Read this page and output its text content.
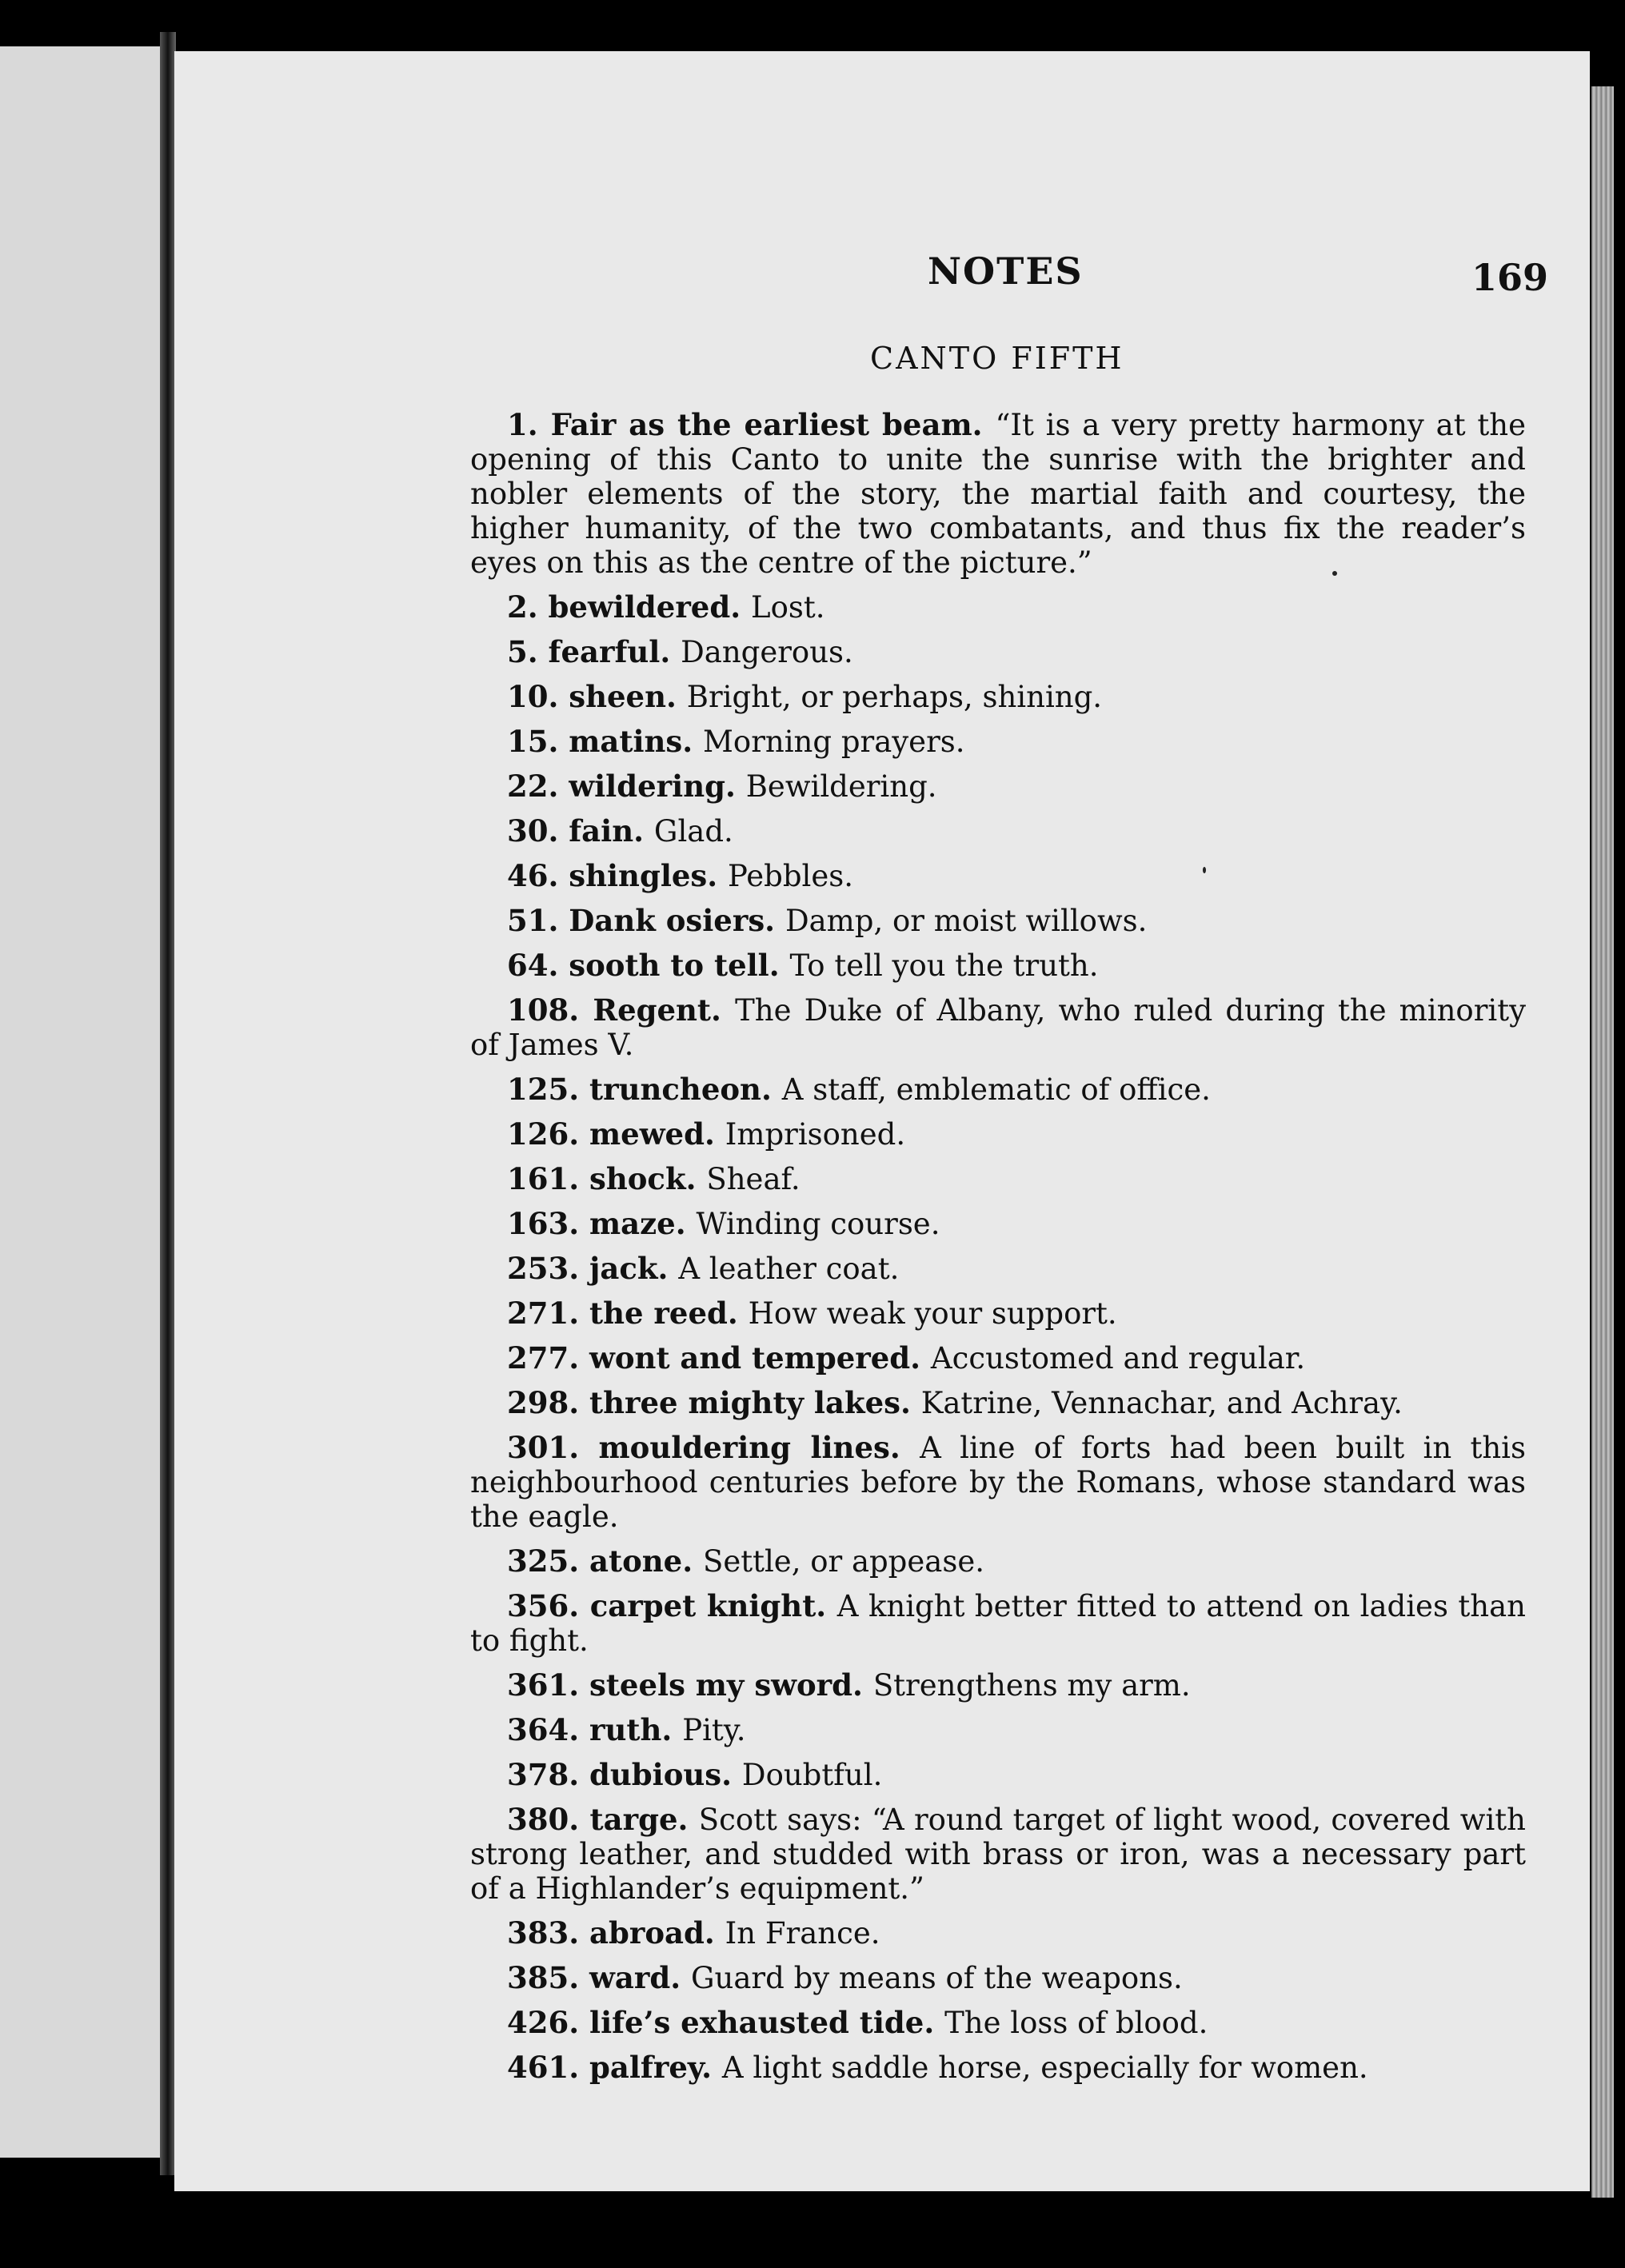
NOTES	169
CANTO FIFTH

1. Fair as the earliest beam. “It is a very pretty harmony at the opening of this Canto to unite the sunrise with the brighter and nobler elements of the story, the martial faith and courtesy, the higher humanity, of the two combatants, and thus fix the reader’s eyes on this as the centre of the picture.”

2. bewildered. Lost.

5. fearful. Dangerous.

10. sheen. Bright, or perhaps, shining.

15. matins. Morning prayers.

22. wildering. Bewildering.

30. fain. Glad.

46. shingles. Pebbles.

51. Dank osiers. Damp, or moist willows.

64. sooth to tell. To tell you the truth.

108. Regent. The Duke of Albany, who ruled during the minority of James V.

125. truncheon. A staff, emblematic of office.

126. mewed. Imprisoned.

161. shock. Sheaf.

163. maze. Winding course.

253. jack. A leather coat.

271. the reed. How weak your support.

277. wont and tempered. Accustomed and regular.

298. three mighty lakes. Katrine, Vennachar, and Achray.

301. mouldering lines. A line of forts had been built in this neighbourhood centuries before by the Romans, whose standard was the eagle.

325. atone. Settle, or appease.

356. carpet knight. A knight better fitted to attend on ladies than to fight.

361. steels my sword. Strengthens my arm.

364. ruth. Pity.

378. dubious. Doubtful.

380. targe. Scott says: “A round target of light wood, covered with strong leather, and studded with brass or iron, was a necessary part of a Highlander’s equipment.”

383. abroad. In France.

385. ward. Guard by means of the weapons.

426. life’s exhausted tide. The loss of blood.

461. palfrey. A light saddle horse, especially for women.
